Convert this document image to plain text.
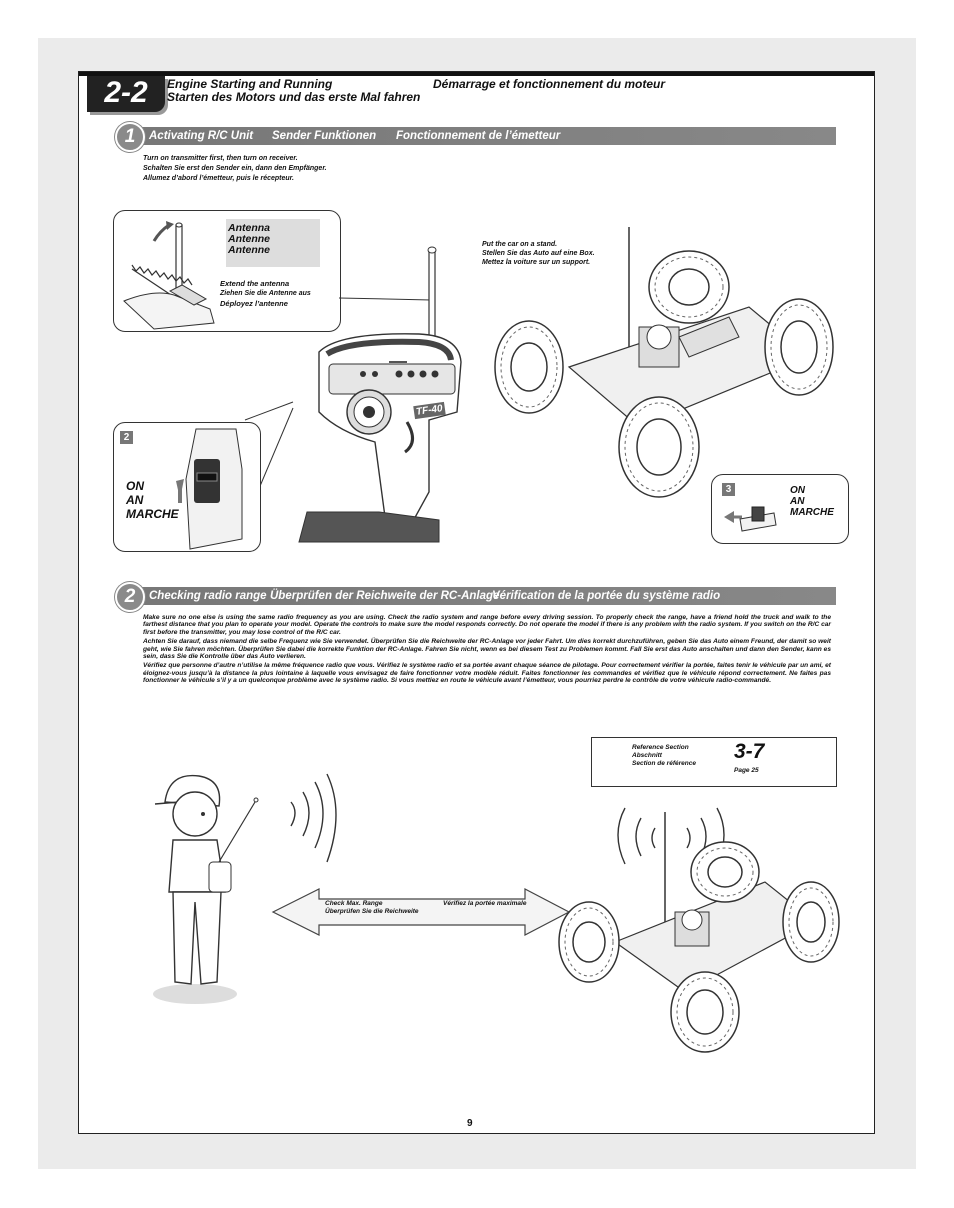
2-2	Engine Starting and Running
Starten des Motors und das erste Mal fahren
Démarrage et fonctionnement du moteur
Activating R/C Unit Sender Funktionen Fonctionnement de l’émetteur
1
Turn on transmitter first, then turn on receiver.
Schalten Sie erst den Sender ein, dann den Empfänger.
Allumez d’abord l’émetteur, puis le récepteur.
Antenna
Antenne
Antenne
Extend the antenna
Ziehen Sie die Antenne aus
Déployez l’antenne
TF-40
2
ON
AN
MARCHE
Put the car on a stand.
Stellen Sie das Auto auf eine Box.
Mettez la voiture sur un support.
3	ON
AN
MARCHE
Checking radio range Überprüfen der Reichweite der RC-Anlage
Vérification de la portée du système radio
2

Make sure no one else is using the same radio frequency as you are using. Check the radio system and range before every driving session. To properly check the range, have a friend hold the truck and walk to the farthest distance that you plan to operate your model. Operate the controls to make sure the model responds correctly. Do not operate the model if there is any problem with the radio system. If you switch on the R/C car first before the transmitter, you may lose control of the R/C car.

Achten Sie darauf, dass niemand die selbe Frequenz wie Sie verwendet. Überprüfen Sie die Reichweite der RC-Anlage vor jeder Fahrt. Um dies korrekt durchzuführen, geben Sie das Auto einem Freund, der damit so weit geht, wie Sie fahren möchten. Überprüfen Sie dabei die korrekte Funktion der RC-Anlage. Fahren Sie nicht, wenn es bei diesem Test zu Problemen kommt. Fall Sie erst das Auto anschalten und dann den Sender, kann es sein, dass Sie die Kontrolle über das Auto verlieren.

Vérifiez que personne d’autre n’utilise la même fréquence radio que vous. Vérifiez le système radio et sa portée avant chaque séance de pilotage. Pour correctement vérifier la portée, faites tenir le véhicule par un ami, et éloignez-vous jusqu’à la distance la plus lointaine à laquelle vous envisagez de faire fonctionner votre modèle réduit. Faites fonctionner les commandes et vérifiez que le véhicule répond correctement. Ne faites pas fonctionner le véhicule s’il y a un quelconque problème avec le système radio. Si vous mettiez en route le véhicule avant l’émetteur, vous pourriez perdre le contrôle de votre véhicule radio-commandé.

Reference Section
Abschnitt
Section de référence
3-7
Page 25
Check Max. Range
Überprüfen Sie die Reichweite
Vérifiez la portée maximale
9
